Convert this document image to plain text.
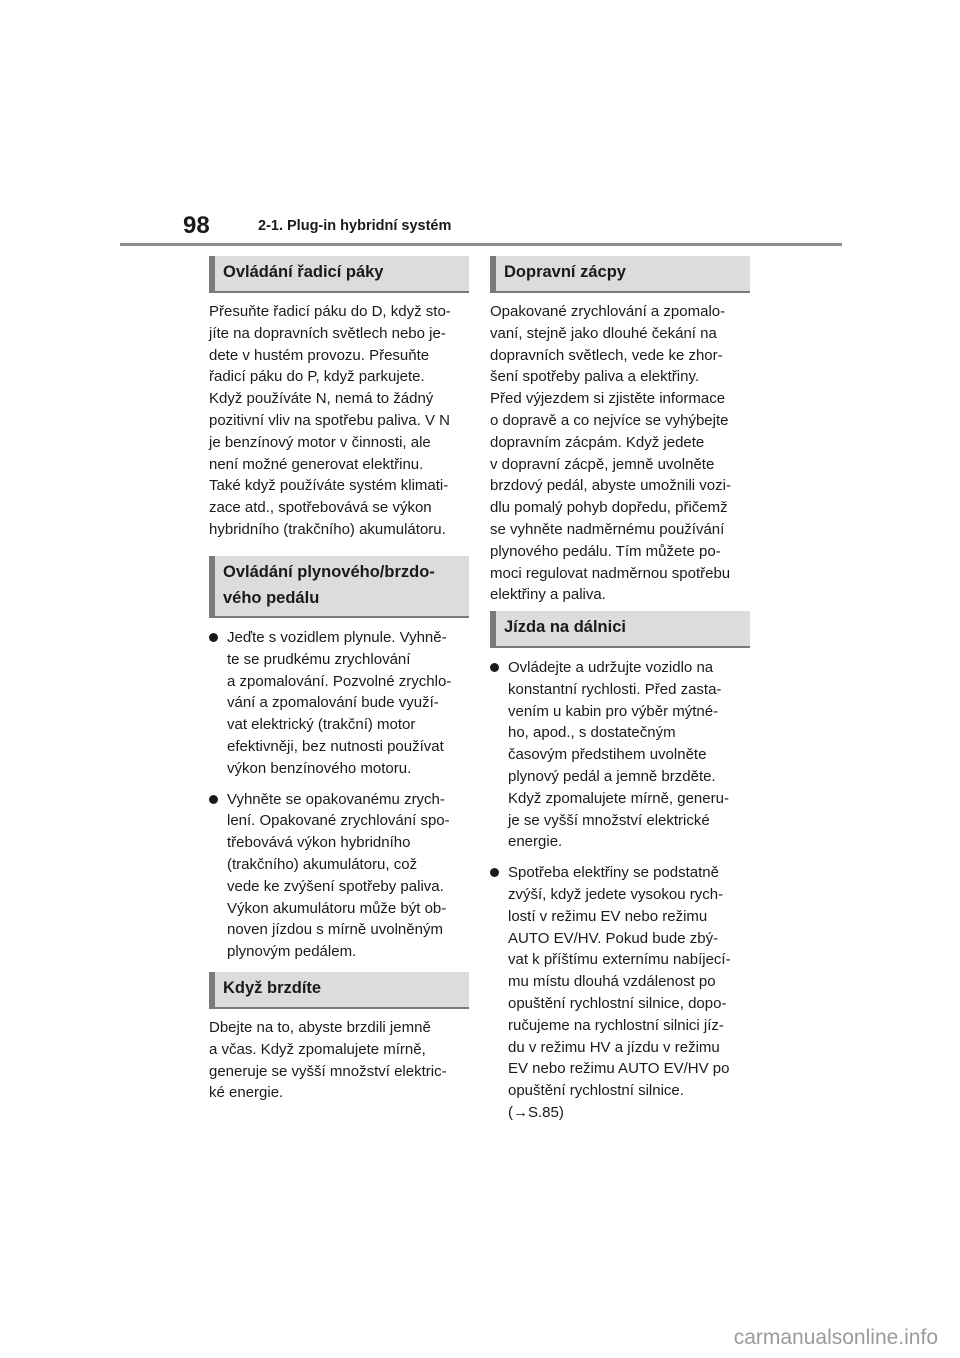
98	2-1. Plug-in hybridní systém
Ovládání řadicí páky

Přesuňte řadicí páku do D, když sto-
jíte na dopravních světlech nebo je-
dete v hustém provozu. Přesuňte
řadicí páku do P, když parkujete.
Když používáte N, nemá to žádný
pozitivní vliv na spotřebu paliva. V N
je benzínový motor v činnosti, ale
není možné generovat elektřinu.
Také když používáte systém klimati-
zace atd., spotřebovává se výkon
hybridního (trakčního) akumulátoru.

Ovládání plynového/brzdo-
vého pedálu
Jeďte s vozidlem plynule. Vyhně-
te se prudkému zrychlování
a zpomalování. Pozvolné zrychlo-
vání a zpomalování bude využí-
vat elektrický (trakční) motor
efektivněji, bez nutnosti používat
výkon benzínového motoru.
Vyhněte se opakovanému zrych-
lení. Opakované zrychlování spo-
třebovává výkon hybridního
(trakčního) akumulátoru, což
vede ke zvýšení spotřeby paliva.
Výkon akumulátoru může být ob-
noven jízdou s mírně uvolněným
plynovým pedálem.
Když brzdíte

Dbejte na to, abyste brzdili jemně
a včas. Když zpomalujete mírně,
generuje se vyšší množství elektric-
ké energie.

Dopravní zácpy

Opakované zrychlování a zpomalo-
vaní, stejně jako dlouhé čekání na
dopravních světlech, vede ke zhor-
šení spotřeby paliva a elektřiny.
Před výjezdem si zjistěte informace
o dopravě a co nejvíce se vyhýbejte
dopravním zácpám. Když jedete
v dopravní zácpě, jemně uvolněte
brzdový pedál, abyste umožnili vozi-
dlu pomalý pohyb dopředu, přičemž
se vyhněte nadměrnému používání
plynového pedálu. Tím můžete po-
moci regulovat nadměrnou spotřebu
elektřiny a paliva.

Jízda na dálnici
Ovládejte a udržujte vozidlo na
konstantní rychlosti. Před zasta-
vením u kabin pro výběr mýtné-
ho, apod., s dostatečným
časovým předstihem uvolněte
plynový pedál a jemně brzděte.
Když zpomalujete mírně, generu-
je se vyšší množství elektrické
energie.
Spotřeba elektřiny se podstatně
zvýší, když jedete vysokou rych-
lostí v režimu EV nebo režimu
AUTO EV/HV. Pokud bude zbý-
vat k příštímu externímu nabíjecí-
mu místu dlouhá vzdálenost po
opuštění rychlostní silnice, dopo-
ručujeme na rychlostní silnici jíz-
du v režimu HV a jízdu v režimu
EV nebo režimu AUTO EV/HV po
opuštění rychlostní silnice.
(→S.85)
carmanualsonline.info
